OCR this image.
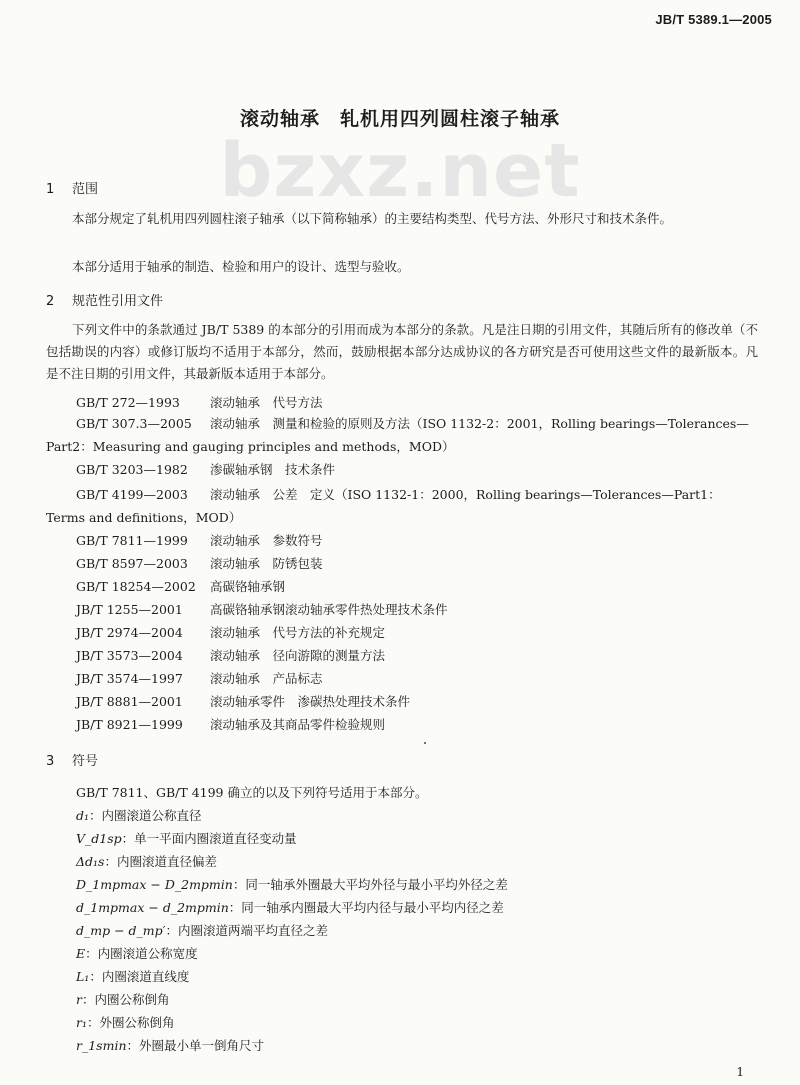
bzxz.net
JB/T 5389.1—2005
滚动轴承　轧机用四列圆柱滚子轴承
1 范围
本部分规定了轧机用四列圆柱滚子轴承（以下简称轴承）的主要结构类型、代号方法、外形尺寸和技术条件。
本部分适用于轴承的制造、检验和用户的设计、选型与验收。
2 规范性引用文件
下列文件中的条款通过 JB/T 5389 的本部分的引用而成为本部分的条款。凡是注日期的引用文件，其随后所有的修改单（不包括勘误的内容）或修订版均不适用于本部分，然而，鼓励根据本部分达成协议的各方研究是否可使用这些文件的最新版本。凡是不注日期的引用文件，其最新版本适用于本部分。
GB/T 272—1993 滚动轴承　代号方法
GB/T 307.3—2005 滚动轴承　测量和检验的原则及方法（ISO 1132-2：2001，Rolling bearings—Tolerances—Part2：Measuring and gauging principles and methods，MOD）
GB/T 3203—1982 渗碳轴承钢　技术条件
GB/T 4199—2003 滚动轴承　公差　定义（ISO 1132-1：2000，Rolling bearings—Tolerances—Part1：Terms and definitions，MOD）
GB/T 7811—1999 滚动轴承　参数符号
GB/T 8597—2003 滚动轴承　防锈包装
GB/T 18254—2002 高碳铬轴承钢
JB/T 1255—2001 高碳铬轴承钢滚动轴承零件热处理技术条件
JB/T 2974—2004 滚动轴承　代号方法的补充规定
JB/T 3573—2004 滚动轴承　径向游隙的测量方法
JB/T 3574—1997 滚动轴承　产品标志
JB/T 8881—2001 滚动轴承零件　渗碳热处理技术条件
JB/T 8921—1999 滚动轴承及其商品零件检验规则
3 符号
GB/T 7811、GB/T 4199 确立的以及下列符号适用于本部分。
d₁：内圈滚道公称直径
V_d1sp：单一平面内圈滚道直径变动量
Δd₁s：内圈滚道直径偏差
D_1mpmax − D_2mpmin：同一轴承外圈最大平均外径与最小平均外径之差
d_1mpmax − d_2mpmin：同一轴承内圈最大平均内径与最小平均内径之差
d_mp − d_mp′：内圈滚道两端平均直径之差
E：内圈滚道公称宽度
L₁：内圈滚道直线度
r：内圈公称倒角
r₁：外圈公称倒角
r_1smin：外圈最小单一倒角尺寸
1
